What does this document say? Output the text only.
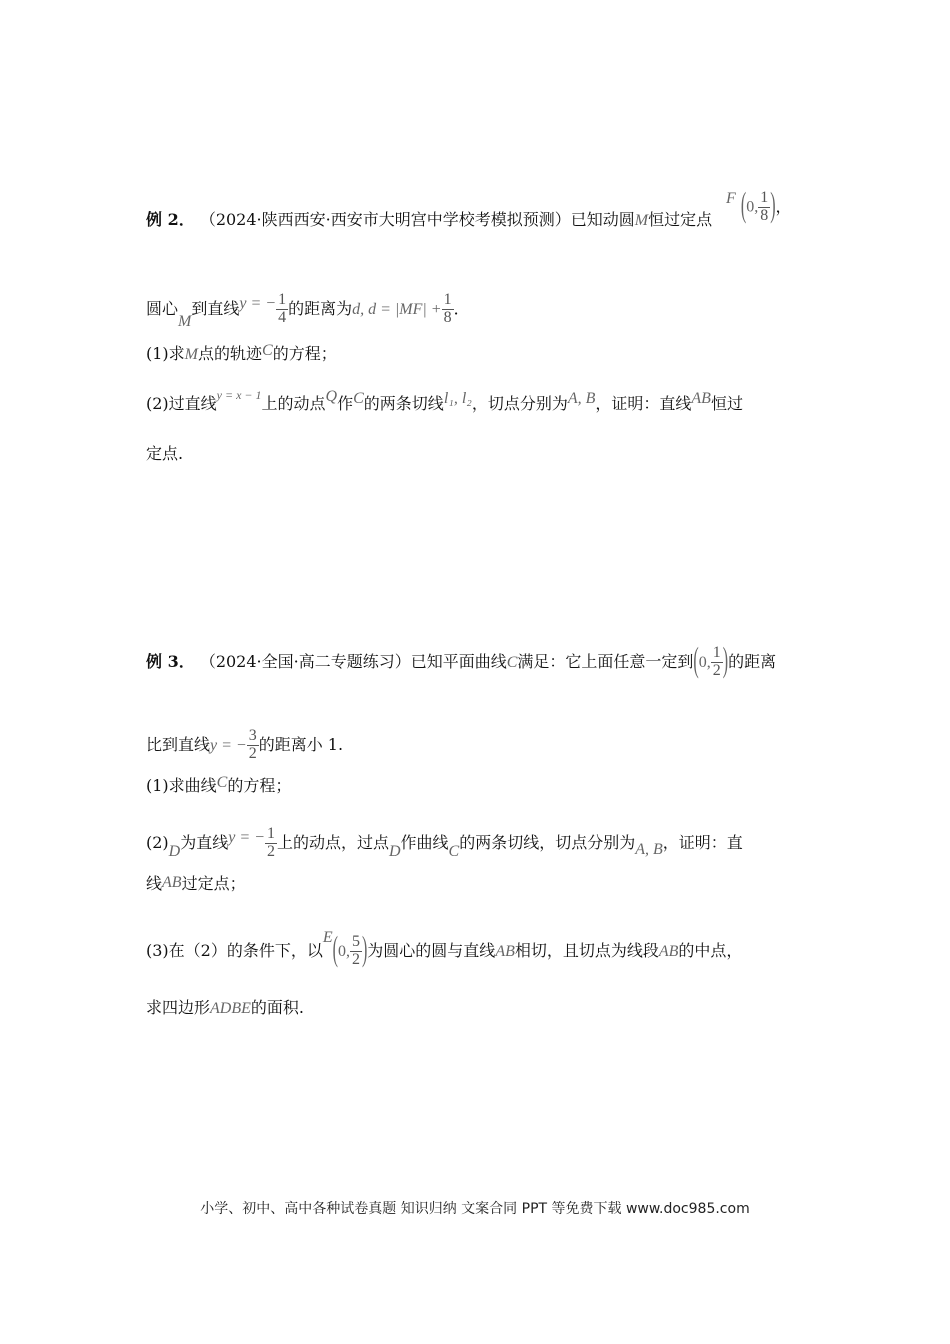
例 2． （2024·陕西西安·西安市大明宫中学校考模拟预测）已知动圆M恒过定点
F (0, $\frac{1}{8}$ )，
圆心M到直线y = − $\frac{1}{4}$ 的距离为d, $d = |MF| + \frac{1}{8}$ ．
(1)求M点的轨迹C的方程；
(2)过直线$^{y = x - 1}$上的动点Q作C的两条切线l₁, l₂，切点分别为A, B，证明：直线AB恒过
定点.
例 3． （2024·全国·高二专题练习）已知平面曲线C满足：它上面任意一定到(0, $\frac{1}{2}$ )的距离
比到直线y = − $\frac{3}{2}$ 的距离小 1.
(1)求曲线C的方程；
(2)D为直线y = − $\frac{1}{2}$ 上的动点，过点D作曲线C的两条切线，切点分别为A, B，证明：直
线AB过定点；
(3)在（2）的条件下，以E(0, $\frac{5}{2}$ )为圆心的圆与直线AB相切，且切点为线段AB的中点，
求四边形ADBE的面积.
小学、初中、高中各种试卷真题 知识归纳 文案合同 PPT 等免费下载 www.doc985.com
